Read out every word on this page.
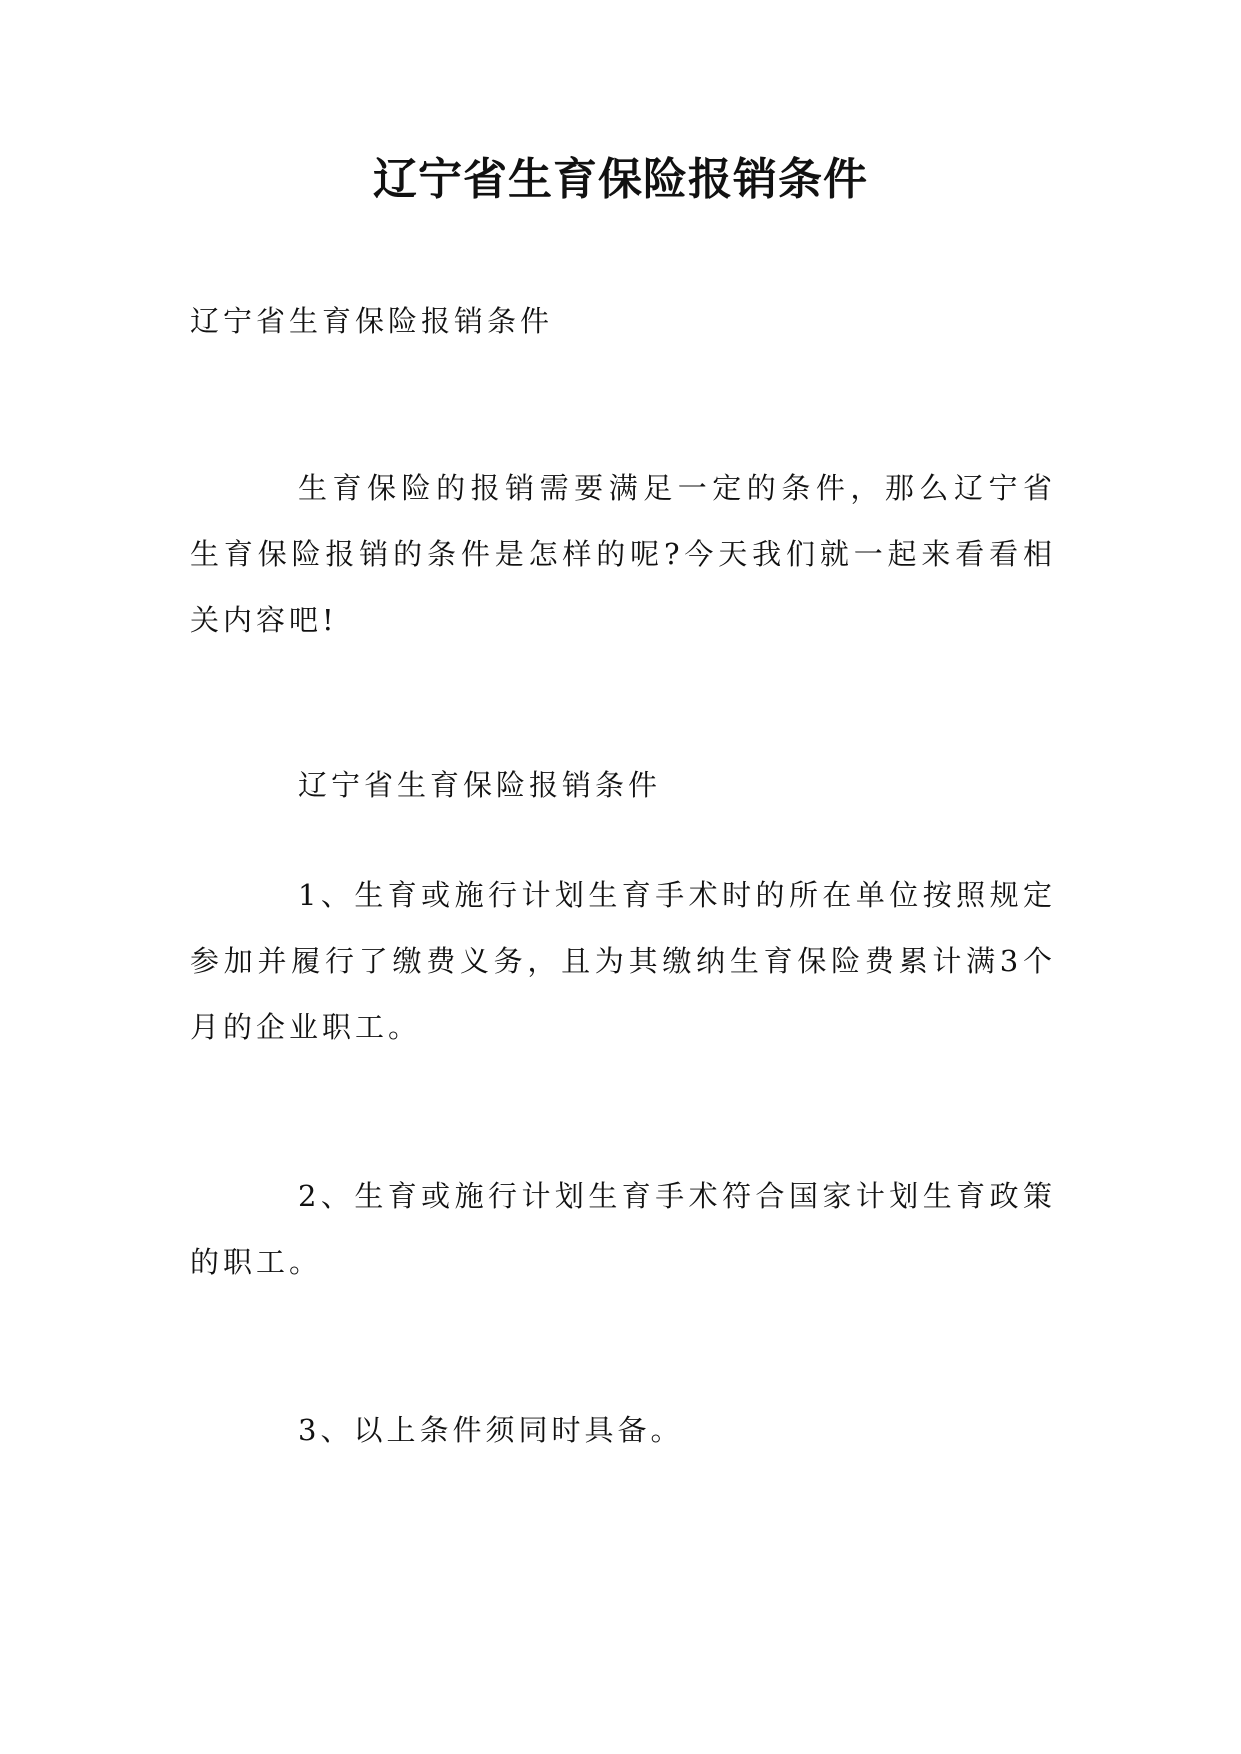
辽宁省生育保险报销条件

辽宁省生育保险报销条件

生育保险的报销需要满足一定的条件，那么辽宁省生育保险报销的条件是怎样的呢?今天我们就一起来看看相关内容吧!

辽宁省生育保险报销条件

1、生育或施行计划生育手术时的所在单位按照规定参加并履行了缴费义务，且为其缴纳生育保险费累计满3个月的企业职工。

2、生育或施行计划生育手术符合国家计划生育政策的职工。

3、以上条件须同时具备。
